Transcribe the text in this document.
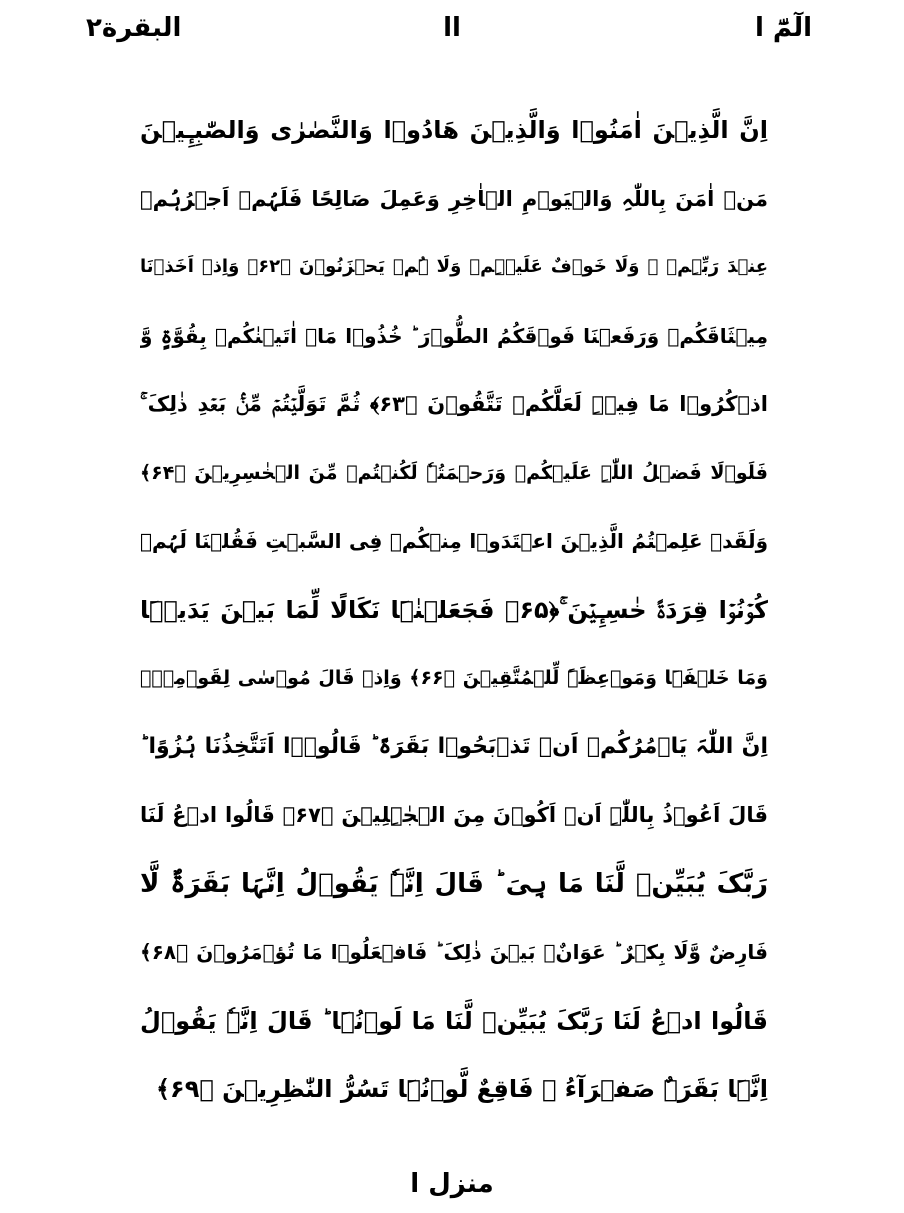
الٓمّٓ ا
اا
البقرة٢
اِنَّ الَّذِیۡنَ اٰمَنُوۡا وَالَّذِیۡنَ ھَادُوۡا وَالنَّصٰرٰی وَالصّٰبِـِٕیۡنَ
مَنۡ اٰمَنَ بِاللّٰہِ وَالۡیَوۡمِ الۡاٰخِرِ وَعَمِلَ صَالِحًا فَلَہُمۡ اَجۡرُہُمۡ
عِنۡدَ رَبِّہِمۡ ۚ وَلَا خَوۡفٌ عَلَیۡہِمۡ وَلَا ہُمۡ یَحۡزَنُوۡنَ ﴿۶۲﴾ وَاِذۡ اَخَذۡنَا
مِیۡثَاقَکُمۡ وَرَفَعۡنَا فَوۡقَکُمُ الطُّوۡرَ ؕ خُذُوۡا مَاۤ اٰتَیۡنٰکُمۡ بِقُوَّۃٍ وَّ
اذۡکُرُوۡا مَا فِیۡہِ لَعَلَّکُمۡ تَتَّقُوۡنَ ﴿۶۳﴾ ثُمَّ تَوَلَّیۡتُمۡ مِّنۡۢ بَعۡدِ ذٰلِکَ ۚ
فَلَوۡلَا فَضۡلُ اللّٰہِ عَلَیۡکُمۡ وَرَحۡمَتُہٗ لَکُنۡتُمۡ مِّنَ الۡخٰسِرِیۡنَ ﴿۶۴﴾
وَلَقَدۡ عَلِمۡتُمُ الَّذِیۡنَ اعۡتَدَوۡا مِنۡکُمۡ فِی السَّبۡتِ فَقُلۡنَا لَہُمۡ
کُوۡنُوۡا قِرَدَۃً خٰسِـِٕیۡنَ ۚ﴿۶۵﴾ فَجَعَلۡنٰہَا نَکَالًا لِّمَا بَیۡنَ یَدَیۡہَا
وَمَا خَلۡفَہَا وَمَوۡعِظَۃً لِّلۡمُتَّقِیۡنَ ﴿۶۶﴾ وَاِذۡ قَالَ مُوۡسٰی لِقَوۡمِہٖۤ
اِنَّ اللّٰہَ یَاۡمُرُکُمۡ اَنۡ تَذۡبَحُوۡا بَقَرَۃً ؕ قَالُوۡۤا اَتَتَّخِذُنَا ہُزُوًا ؕ
قَالَ اَعُوۡذُ بِاللّٰہِ اَنۡ اَکُوۡنَ مِنَ الۡجٰہِلِیۡنَ ﴿۶۷﴾ قَالُوا ادۡعُ لَنَا
رَبَّکَ یُبَیِّنۡ لَّنَا مَا ہِیَ ؕ قَالَ اِنَّہٗ یَقُوۡلُ اِنَّہَا بَقَرَۃٌ لَّا
فَارِضٌ وَّلَا بِکۡرٌ ؕ عَوَانٌۢ بَیۡنَ ذٰلِکَ ؕ فَافۡعَلُوۡا مَا تُؤۡمَرُوۡنَ ﴿۶۸﴾
قَالُوا ادۡعُ لَنَا رَبَّکَ یُبَیِّنۡ لَّنَا مَا لَوۡنُہَا ؕ قَالَ اِنَّہٗ یَقُوۡلُ
اِنَّہَا بَقَرَۃٌ صَفۡرَآءُ ۙ فَاقِعٌ لَّوۡنُہَا تَسُرُّ النّٰظِرِیۡنَ ﴿۶۹﴾
منزل ا
